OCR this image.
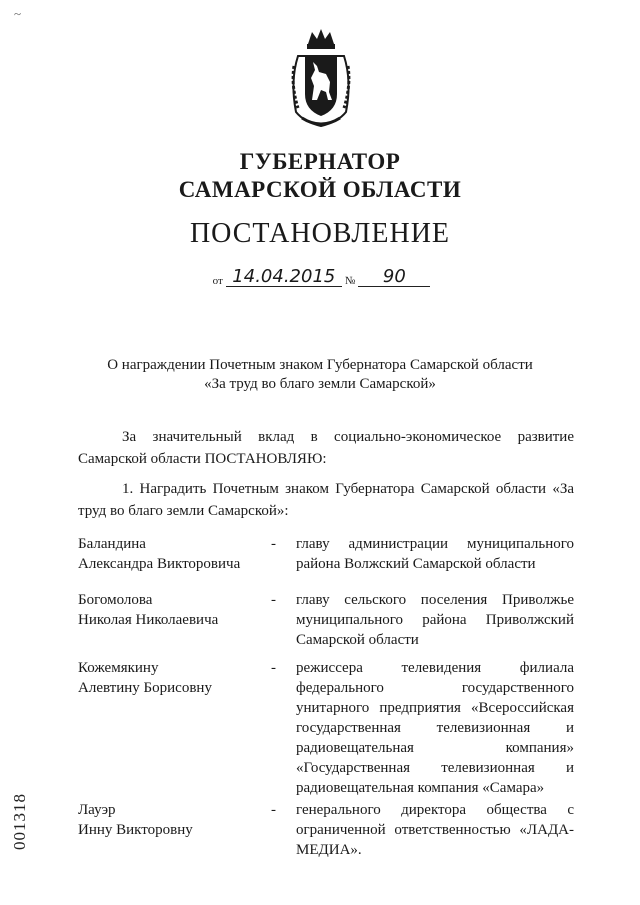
~
ГУБЕРНАТОР
САМАРСКОЙ ОБЛАСТИ
ПОСТАНОВЛЕНИЕ
от 14.04.2015 № 90
О награждении Почетным знаком Губернатора Самарской области
«За труд во благо земли Самарской»
За значительный вклад в социально-экономическое развитие Самарской области ПОСТАНОВЛЯЮ:
1. Наградить Почетным знаком Губернатора Самарской области «За труд во благо земли Самарской»:
Баландина
Александра Викторовича
-	главу администрации муниципального района Волжский Самарской области
Богомолова
Николая Николаевича
-	главу сельского поселения Приволжье муниципального района Приволжский Самарской области
Кожемякину
Алевтину Борисовну
-	режиссера телевидения филиала федерального государственного унитарного предприятия «Всероссийская государственная телевизионная и радиовещательная компания» «Государственная телевизионная и радиовещательная компания «Самара»
Лауэр
Инну Викторовну
-	генерального директора общества с ограниченной ответственностью «ЛАДА-МЕДИА».
001318
